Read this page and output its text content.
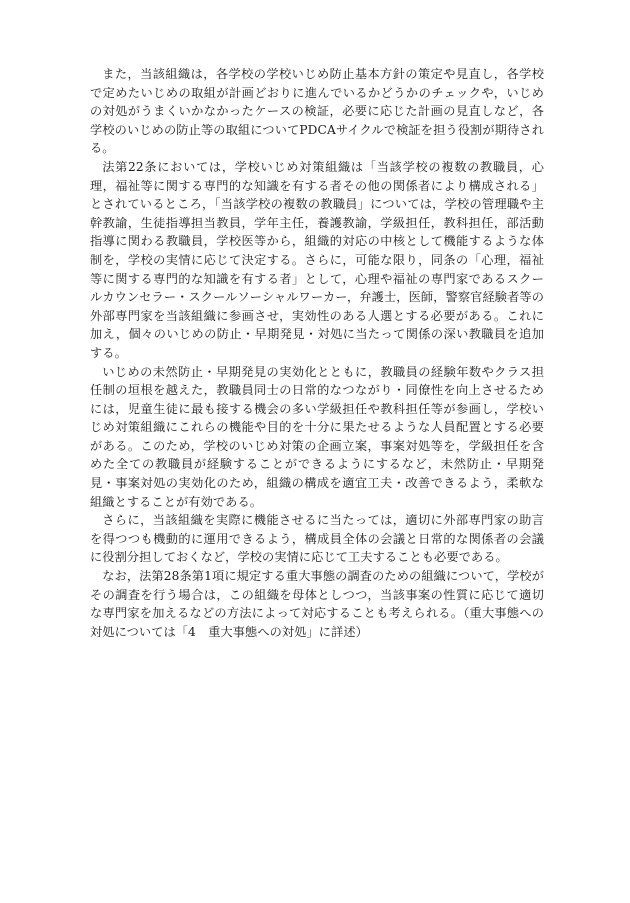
また，当該組織は，各学校の学校いじめ防止基本方針の策定や見直し，各学校で定めたいじめの取組が計画どおりに進んでいるかどうかのチェックや，いじめの対処がうまくいかなかったケースの検証，必要に応じた計画の見直しなど，各学校のいじめの防止等の取組についてPDCAサイクルで検証を担う役割が期待される。

法第22条においては，学校いじめ対策組織は「当該学校の複数の教職員，心理，福祉等に関する専門的な知識を有する者その他の関係者により構成される」とされているところ，「当該学校の複数の教職員」については，学校の管理職や主幹教諭，生徒指導担当教員，学年主任，養護教諭，学級担任，教科担任，部活動指導に関わる教職員，学校医等から，組織的対応の中核として機能するような体制を，学校の実情に応じて決定する。さらに，可能な限り，同条の「心理，福祉等に関する専門的な知識を有する者」として，心理や福祉の専門家であるスクールカウンセラー・スクールソーシャルワーカー，弁護士，医師，警察官経験者等の外部専門家を当該組織に参画させ，実効性のある人選とする必要がある。これに加え，個々のいじめの防止・早期発見・対処に当たって関係の深い教職員を追加する。

いじめの未然防止・早期発見の実効化とともに，教職員の経験年数やクラス担任制の垣根を越えた，教職員同士の日常的なつながり・同僚性を向上させるためには，児童生徒に最も接する機会の多い学級担任や教科担任等が参画し，学校いじめ対策組織にこれらの機能や目的を十分に果たせるような人員配置とする必要がある。このため，学校のいじめ対策の企画立案，事案対処等を，学級担任を含めた全ての教職員が経験することができるようにするなど，未然防止・早期発見・事案対処の実効化のため，組織の構成を適宜工夫・改善できるよう，柔軟な組織とすることが有効である。

さらに，当該組織を実際に機能させるに当たっては，適切に外部専門家の助言を得つつも機動的に運用できるよう，構成員全体の会議と日常的な関係者の会議に役割分担しておくなど，学校の実情に応じて工夫することも必要である。

なお，法第28条第1項に規定する重大事態の調査のための組織について，学校がその調査を行う場合は，この組織を母体としつつ，当該事案の性質に応じて適切な専門家を加えるなどの方法によって対応することも考えられる。（重大事態への対処については「4　重大事態への対処」に詳述）
